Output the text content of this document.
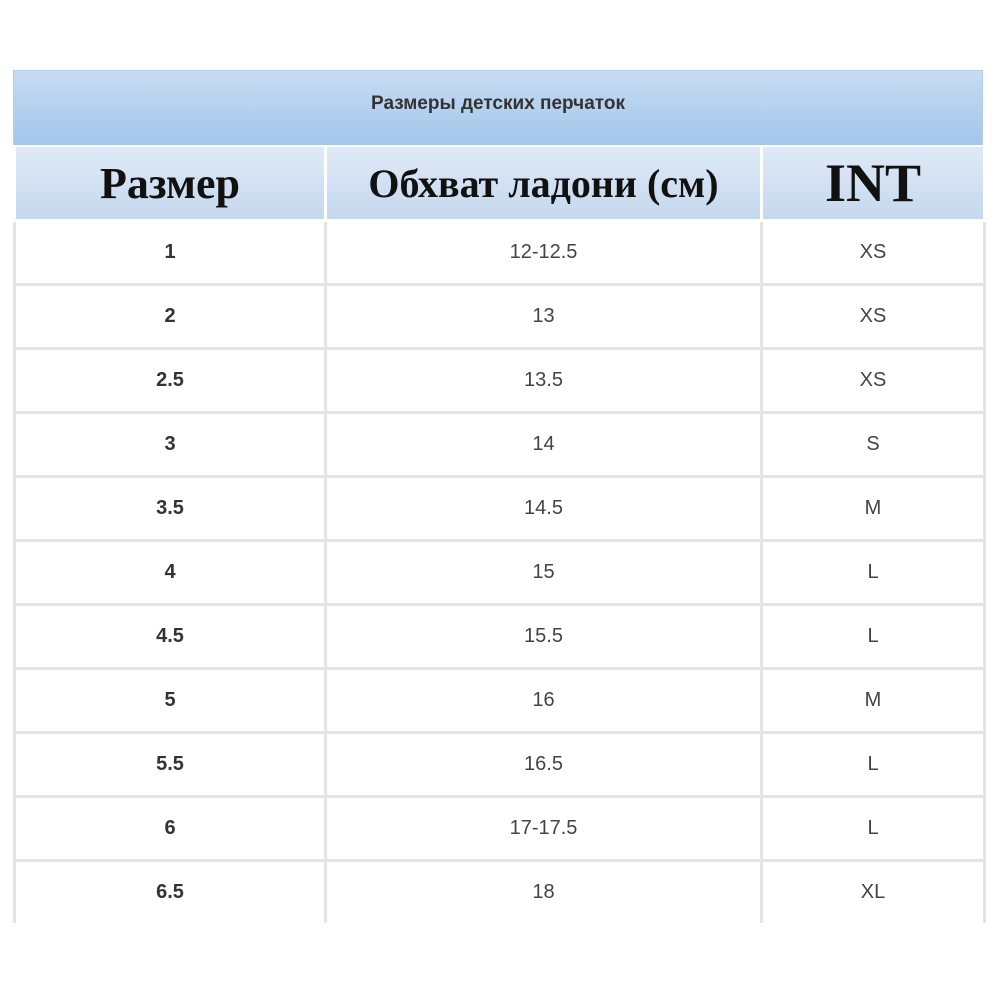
Размеры детских перчаток
Размер	Обхват ладони (см)	INT
1	12-12.5	XS
2	13	XS
2.5	13.5	XS
3	14	S
3.5	14.5	M
4	15	L
4.5	15.5	L
5	16	M
5.5	16.5	L
6	17-17.5	L
6.5	18	XL
